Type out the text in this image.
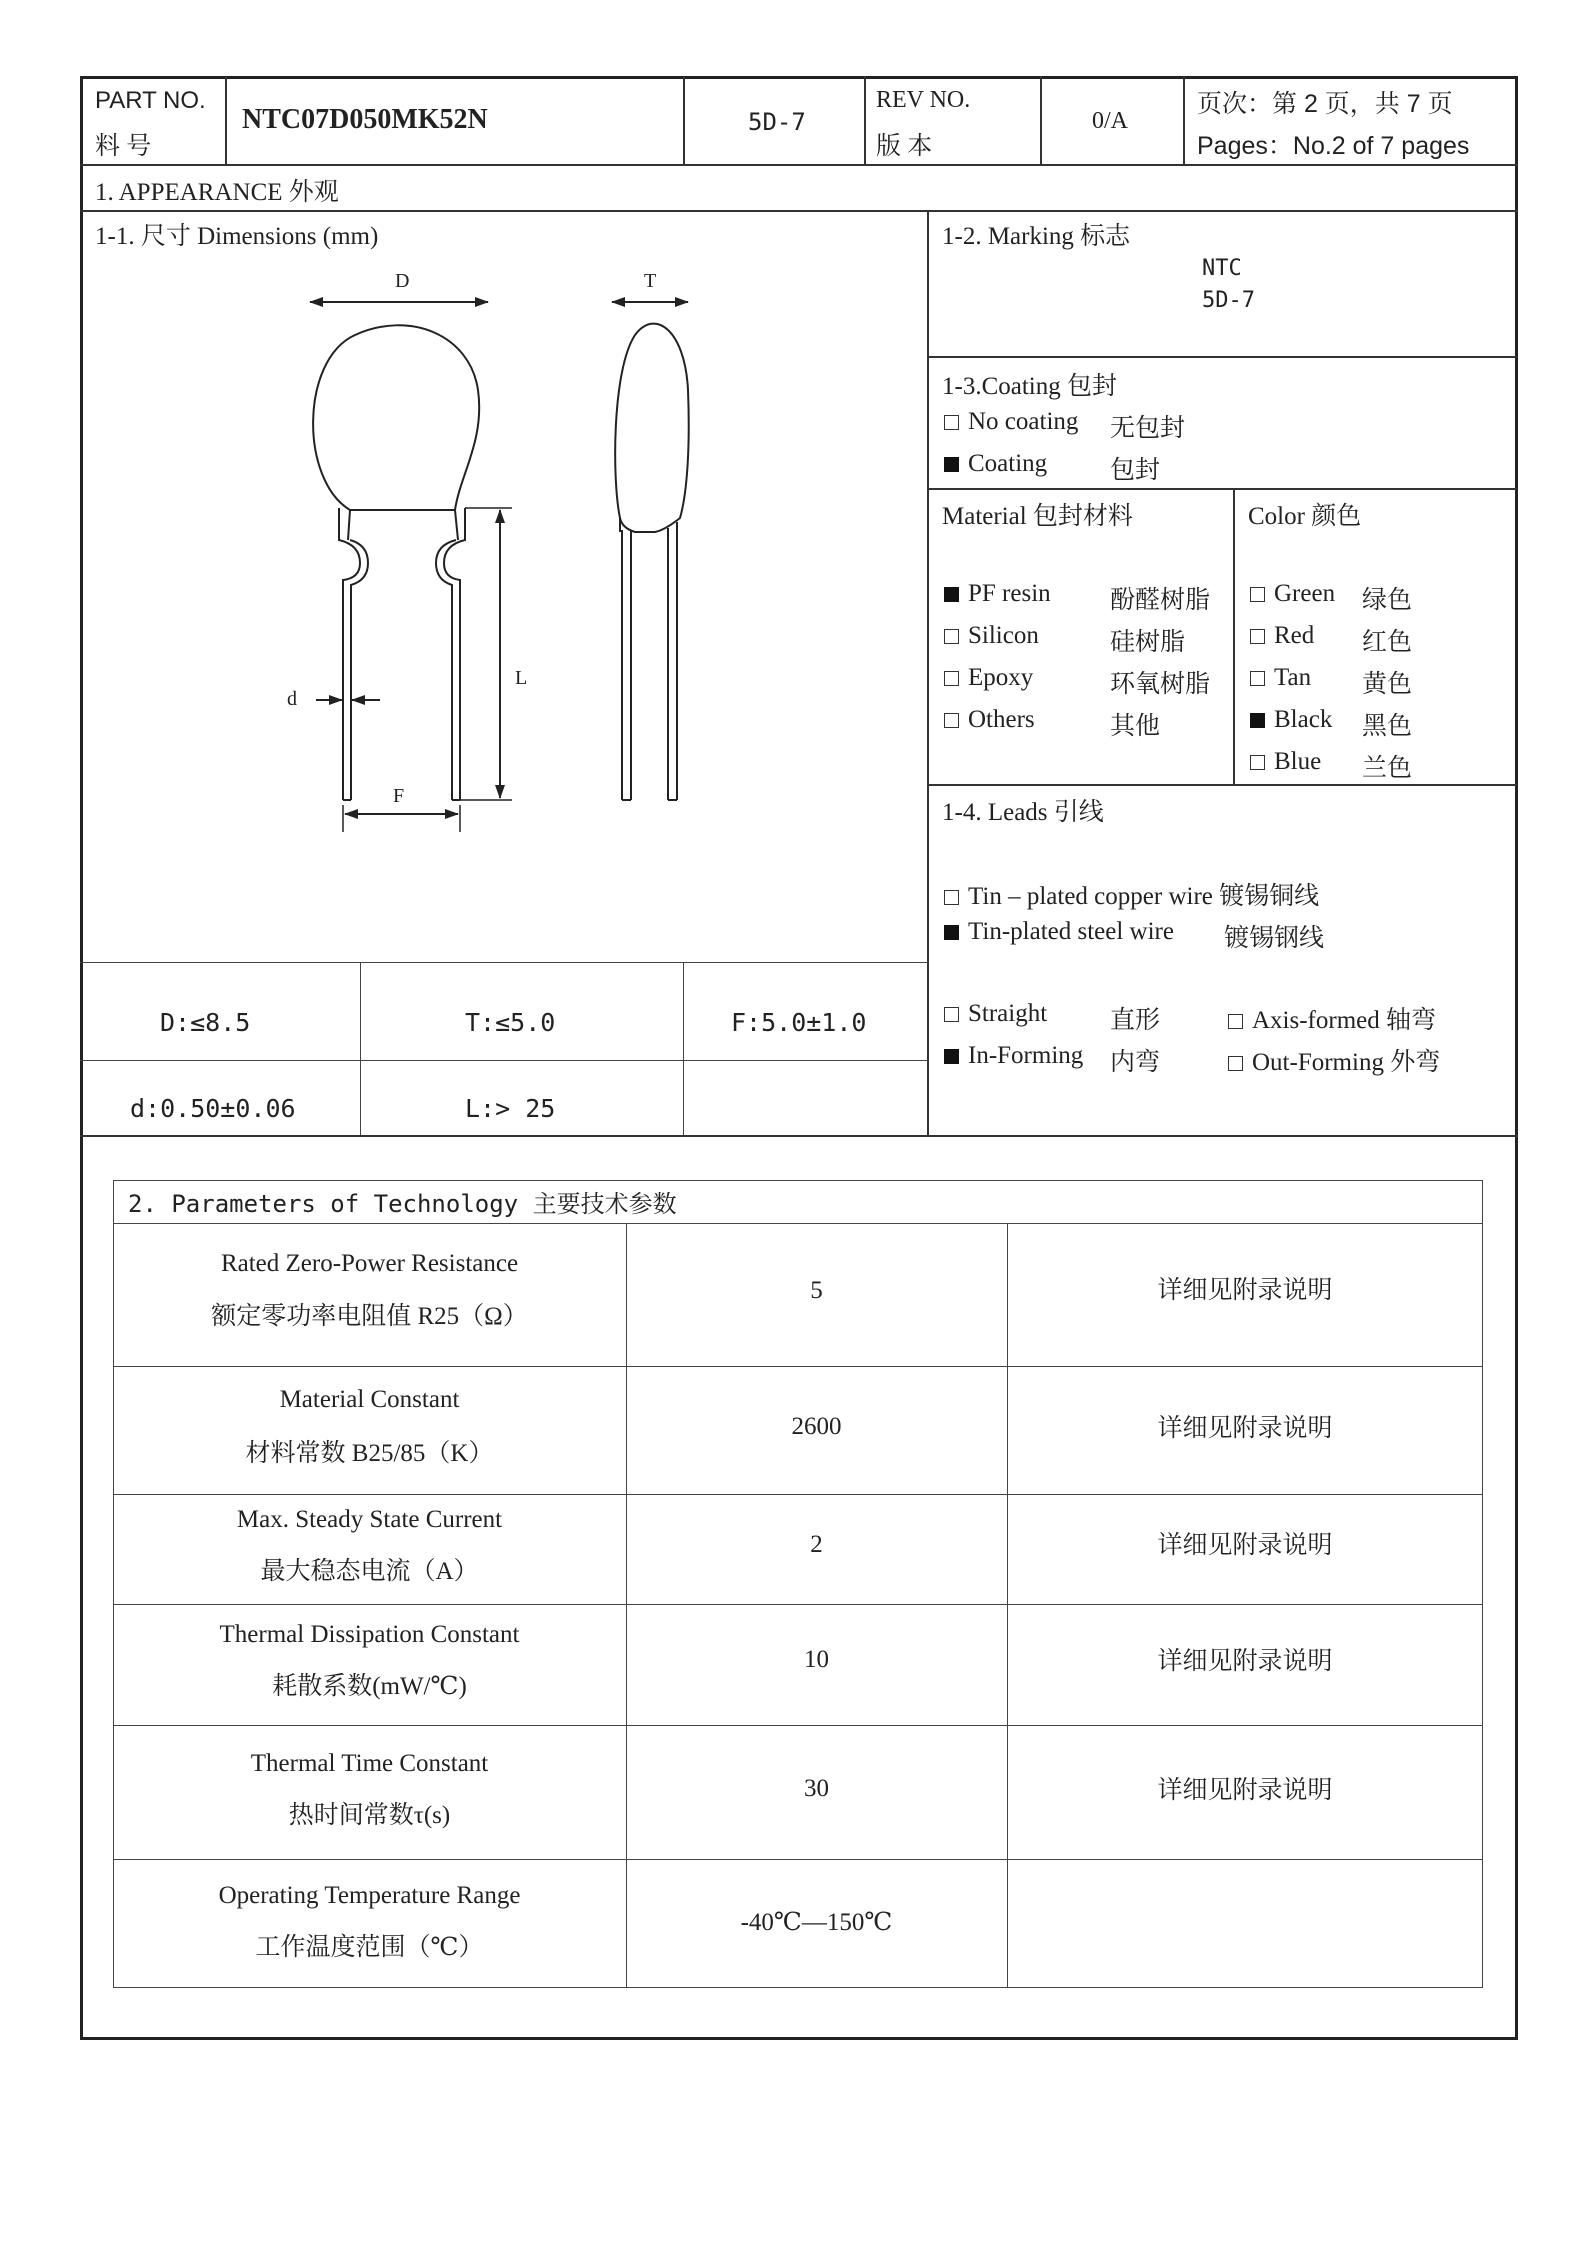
PART NO.
料 号
NTC07D050MK52N	5D-7
REV NO.
版 本
0/A
页次：第 2 页，共 7 页
Pages：No.2 of 7 pages
1. APPEARANCE 外观
1-1. 尺寸 Dimensions (mm)
D	T
L
d
F
D:≤8.5	T:≤5.0	F:5.0±1.0
d:0.50±0.06	L:> 25
1-2. Marking 标志
NTC
5D-7
1-3.Coating 包封
No coating 无包封
Coating	包封
Material 包封材料	Color 颜色
PF resin 酚醛树脂
Silicon	硅树脂
Epoxy	环氧树脂
Others	其他
Green 绿色
Red 红色
Tan 黄色
Black 黑色
Blue 兰色
1-4. Leads 引线
Tin – plated copper wire 镀锡铜线
Tin-plated steel wire 镀锡钢线
Straight	直形
In-Forming 内弯
Axis-formed 轴弯
Out-Forming 外弯
2. Parameters of Technology 主要技术参数
Rated Zero-Power Resistance
额定零功率电阻值 R25（Ω）
5	详细见附录说明
Material Constant
材料常数 B25/85（K）
2600	详细见附录说明
Max. Steady State Current
最大稳态电流（A）
2	详细见附录说明
Thermal Dissipation Constant
耗散系数(mW/℃)
10	详细见附录说明
Thermal Time Constant
热时间常数τ(s)
30	详细见附录说明
Operating Temperature Range
工作温度范围（℃）
-40℃—150℃
